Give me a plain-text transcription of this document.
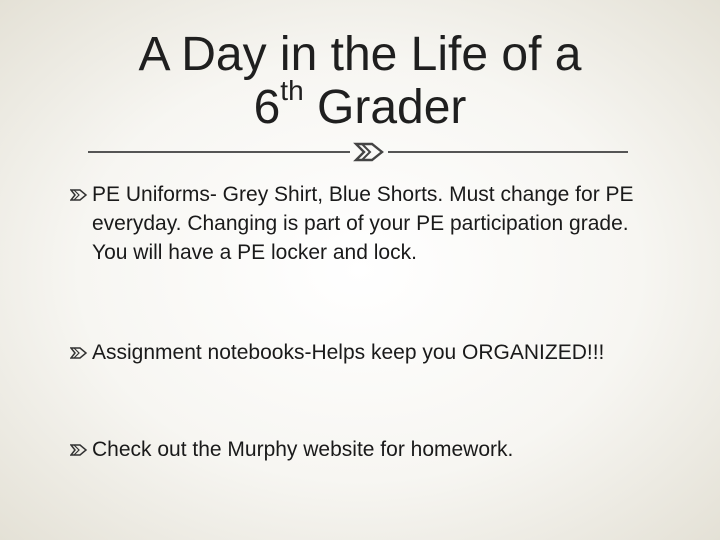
A Day in the Life of a
6th Grader
PE Uniforms- Grey Shirt, Blue Shorts. Must change for PE everyday. Changing is part of your PE participation grade. You will have a PE locker and lock.
Assignment notebooks-Helps keep you ORGANIZED!!!
Check out the Murphy website for homework.
